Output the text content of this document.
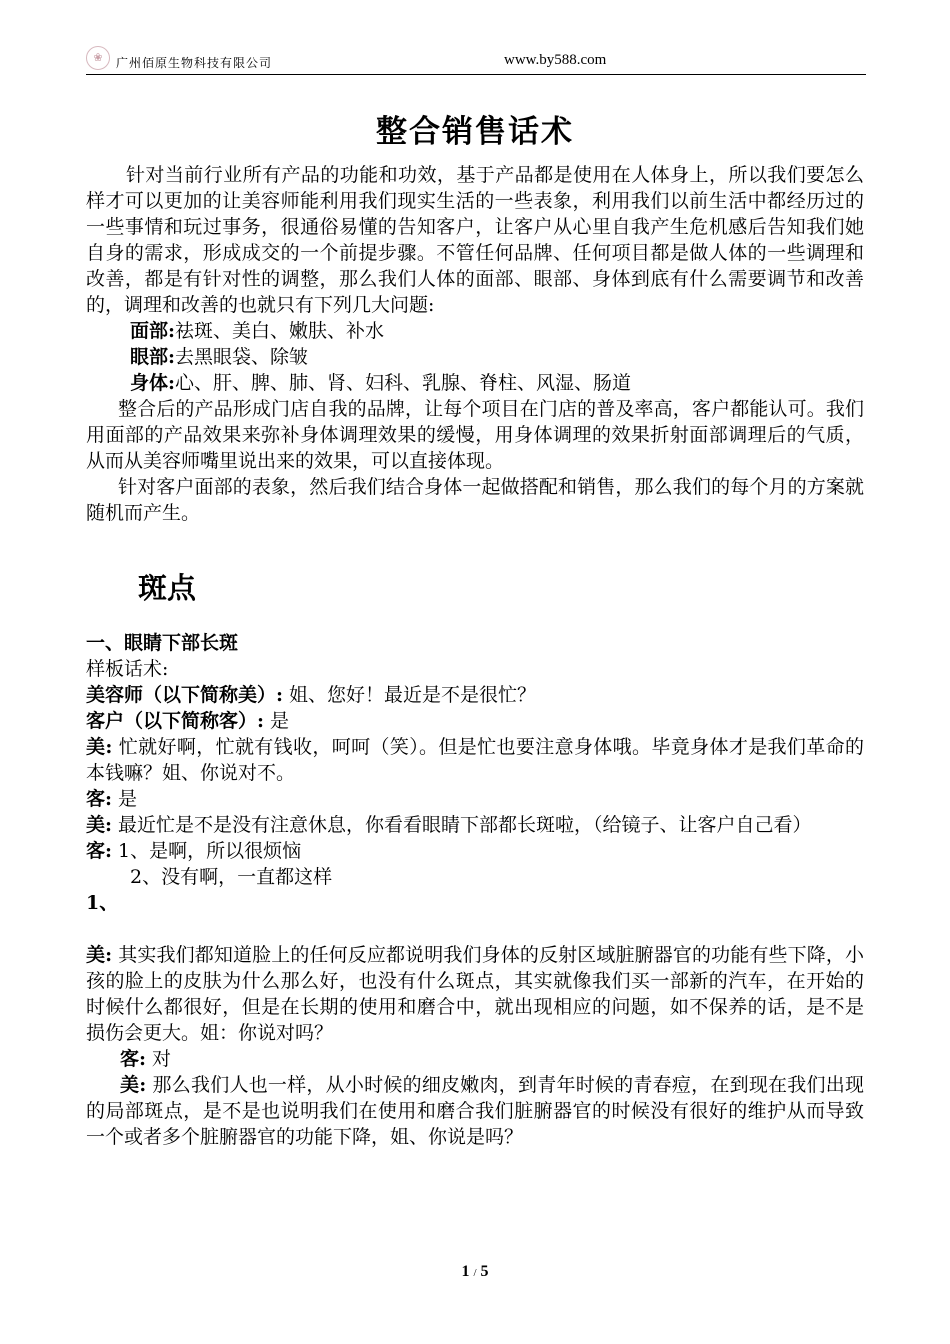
❀	广州佰原生物科技有限公司	www.by588.com
整合销售话术

针对当前行业所有产品的功能和功效，基于产品都是使用在人体身上，所以我们要怎么样才可以更加的让美容师能利用我们现实生活的一些表象，利用我们以前生活中都经历过的一些事情和玩过事务，很通俗易懂的告知客户，让客户从心里自我产生危机感后告知我们她自身的需求，形成成交的一个前提步骤。不管任何品牌、任何项目都是做人体的一些调理和改善，都是有针对性的调整，那么我们人体的面部、眼部、身体到底有什么需要调节和改善的，调理和改善的也就只有下列几大问题:

面部:祛斑、美白、嫩肤、补水

眼部:去黑眼袋、除皱

身体:心、肝、脾、肺、肾、妇科、乳腺、脊柱、风湿、肠道

整合后的产品形成门店自我的品牌，让每个项目在门店的普及率高，客户都能认可。我们用面部的产品效果来弥补身体调理效果的缓慢，用身体调理的效果折射面部调理后的气质，从而从美容师嘴里说出来的效果，可以直接体现。

针对客户面部的表象，然后我们结合身体一起做搭配和销售，那么我们的每个月的方案就随机而产生。

斑点

一、眼睛下部长斑

样板话术:

美容师（以下简称美）: 姐、您好！最近是不是很忙？

客户（以下简称客）: 是

美: 忙就好啊，忙就有钱收，呵呵（笑）。但是忙也要注意身体哦。毕竟身体才是我们革命的本钱嘛？姐、你说对不。

客: 是

美: 最近忙是不是没有注意休息，你看看眼睛下部都长斑啦，（给镜子、让客户自己看）

客: 1、是啊，所以很烦恼

2、没有啊，一直都这样

1、

美: 其实我们都知道脸上的任何反应都说明我们身体的反射区域脏腑器官的功能有些下降，小孩的脸上的皮肤为什么那么好，也没有什么斑点，其实就像我们买一部新的汽车，在开始的时候什么都很好，但是在长期的使用和磨合中，就出现相应的问题，如不保养的话，是不是损伤会更大。姐：你说对吗？

客: 对

美: 那么我们人也一样，从小时候的细皮嫩肉，到青年时候的青春痘，在到现在我们出现的局部斑点，是不是也说明我们在使用和磨合我们脏腑器官的时候没有很好的维护从而导致一个或者多个脏腑器官的功能下降，姐、你说是吗？

1 / 5
